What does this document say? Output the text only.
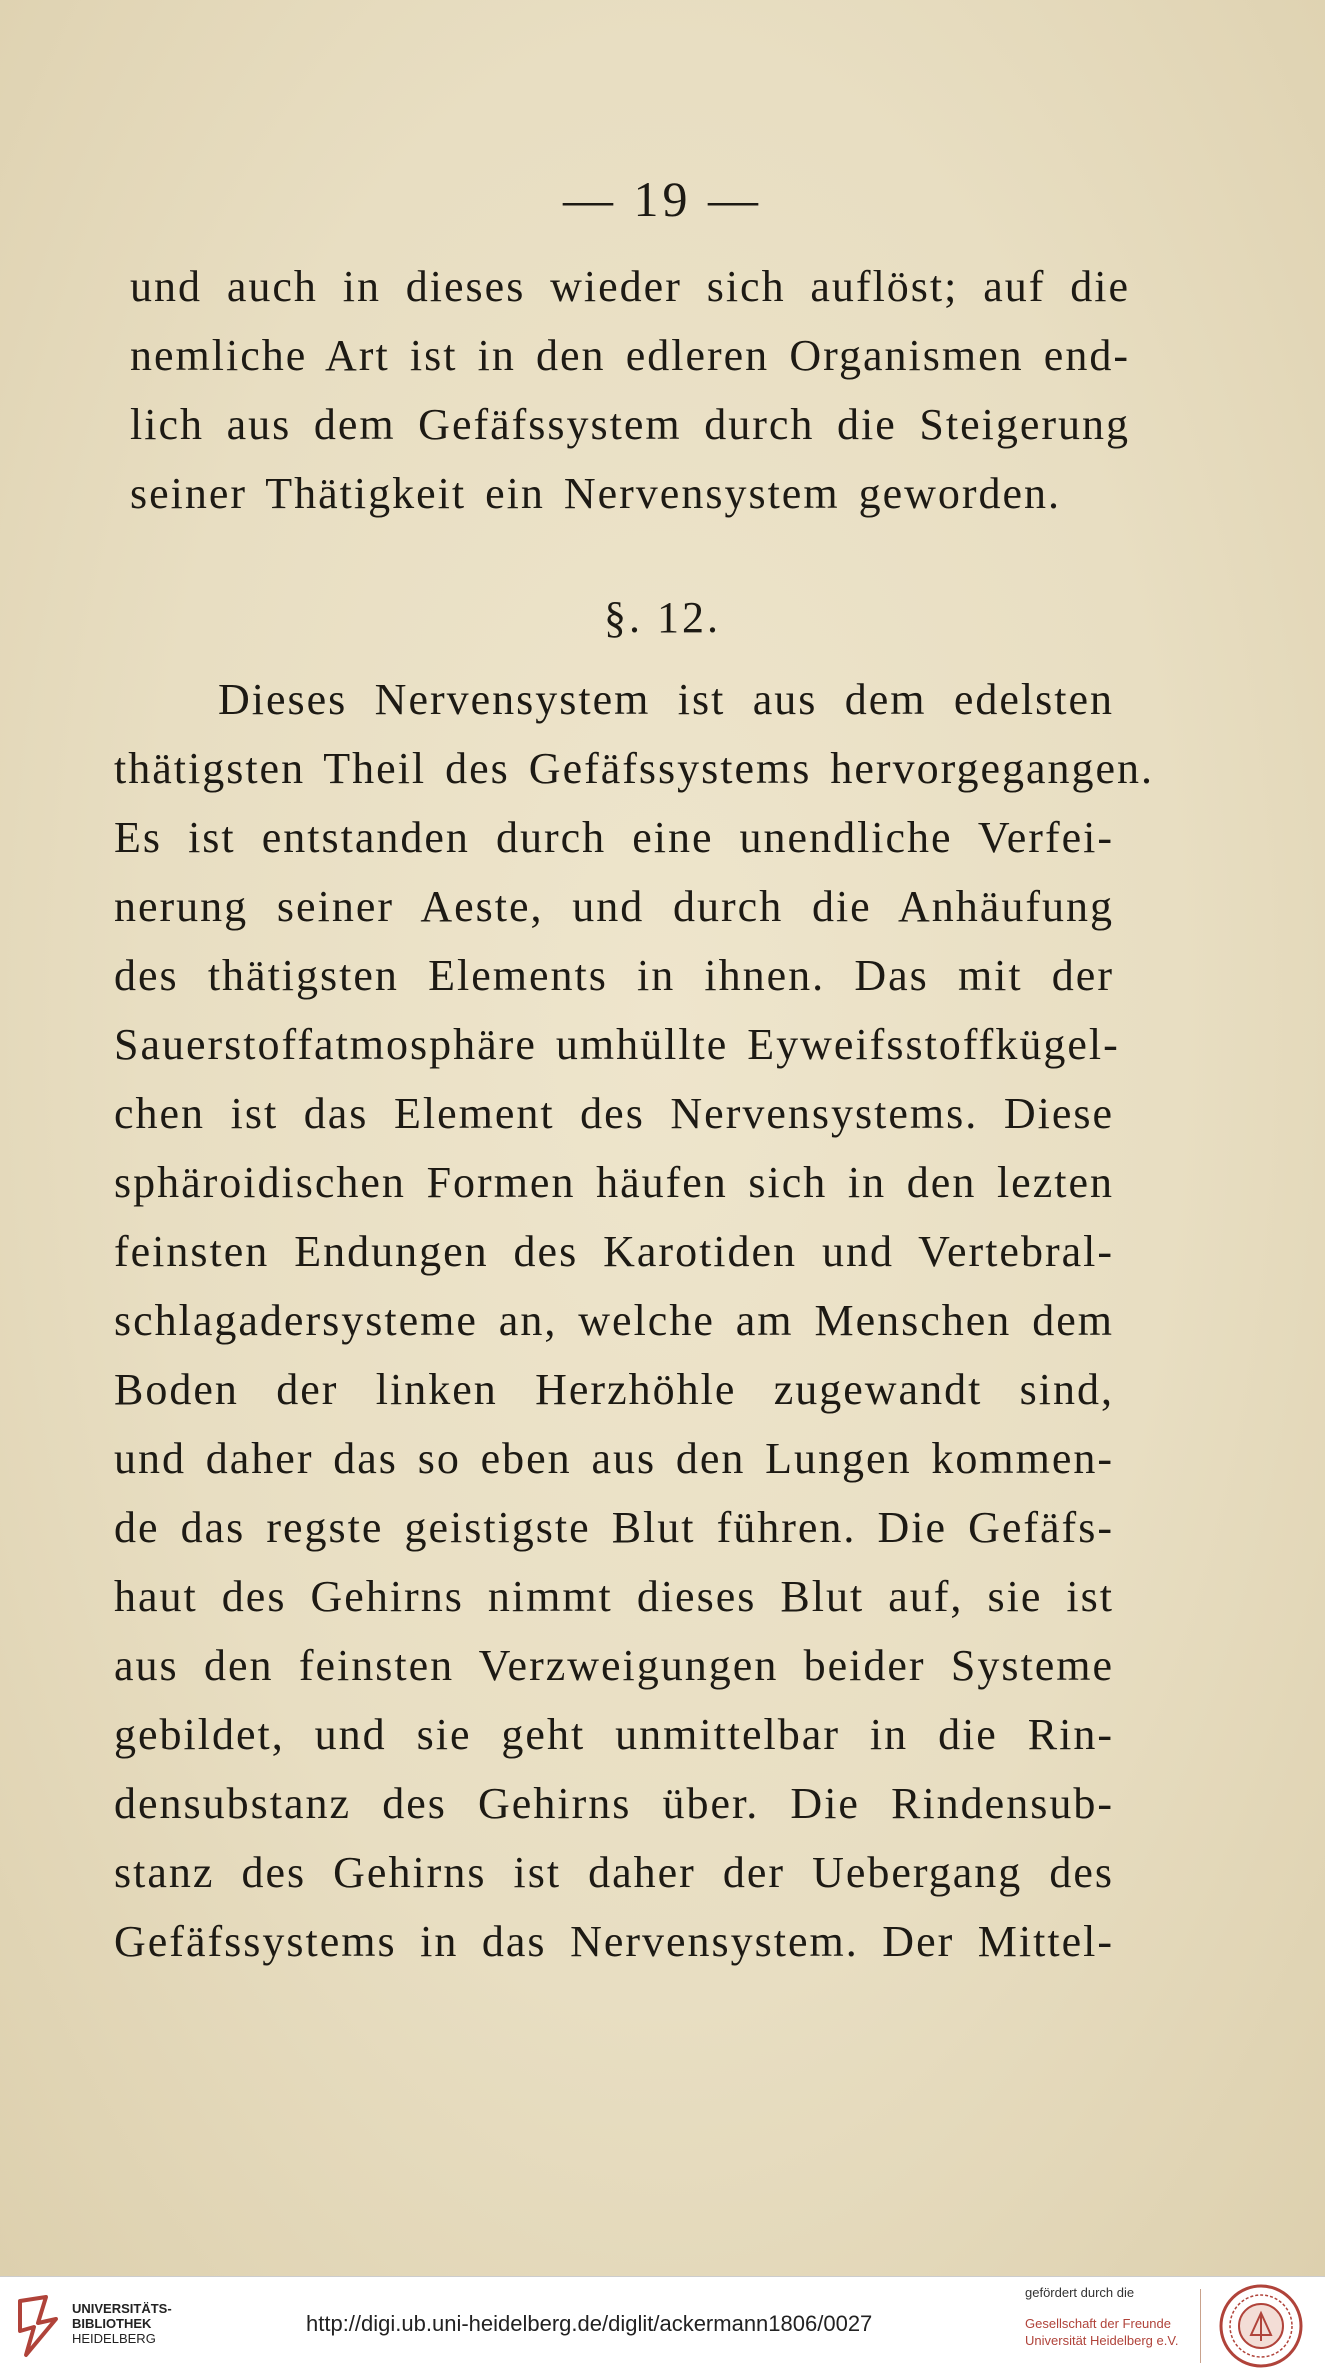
— 19 —
und auch in dieses wieder sich auflöst; auf die
nemliche Art ist in den edleren Organismen end-
lich aus dem Gefäfssystem durch die Steigerung
seiner Thätigkeit ein Nervensystem geworden.
§. 12.
Dieses Nervensystem ist aus dem edelsten
thätigsten Theil des Gefäfssystems hervorgegangen.
Es ist entstanden durch eine unendliche Verfei-
nerung seiner Aeste, und durch die Anhäufung
des thätigsten Elements in ihnen. Das mit der
Sauerstoffatmosphäre umhüllte Eyweifsstoffkügel-
chen ist das Element des Nervensystems. Diese
sphäroidischen Formen häufen sich in den lezten
feinsten Endungen des Karotiden und Vertebral-
schlagadersysteme an, welche am Menschen dem
Boden der linken Herzhöhle zugewandt sind,
und daher das so eben aus den Lungen kommen-
de das regste geistigste Blut führen. Die Gefäfs-
haut des Gehirns nimmt dieses Blut auf, sie ist
aus den feinsten Verzweigungen beider Systeme
gebildet, und sie geht unmittelbar in die Rin-
densubstanz des Gehirns über. Die Rindensub-
stanz des Gehirns ist daher der Uebergang des
Gefäfssystems in das Nervensystem. Der Mittel-
UNIVERSITÄTS-
BIBLIOTHEK
HEIDELBERG
http://digi.ub.uni-heidelberg.de/diglit/ackermann1806/0027
gefördert durch die
Gesellschaft der Freunde
Universität Heidelberg e.V.
